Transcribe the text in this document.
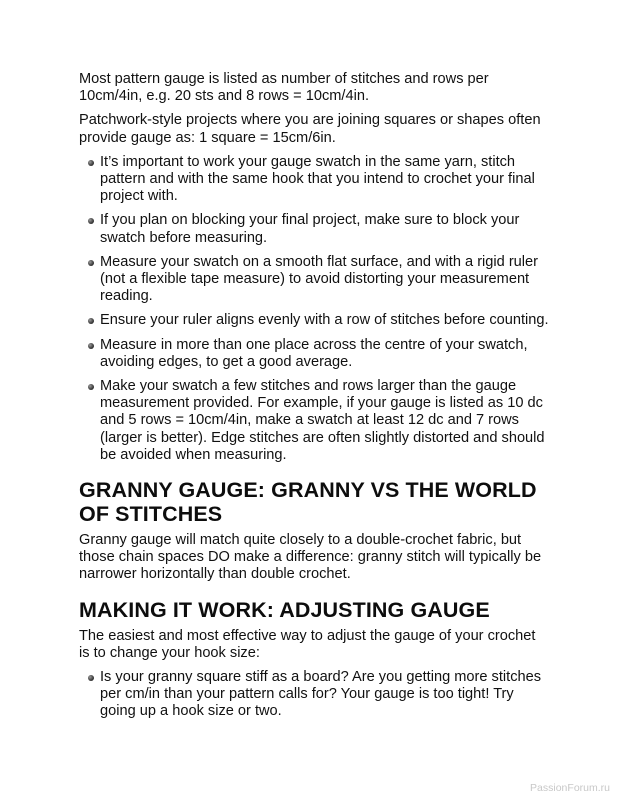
Most pattern gauge is listed as number of stitches and rows per 10cm/4in, e.g. 20 sts and 8 rows = 10cm/4in.

Patchwork-style projects where you are joining squares or shapes often provide gauge as: 1 square = 15cm/6in.

It’s important to work your gauge swatch in the same yarn, stitch pattern and with the same hook that you intend to crochet your final project with.
If you plan on blocking your final project, make sure to block your swatch before measuring.
Measure your swatch on a smooth flat surface, and with a rigid ruler (not a flexible tape measure) to avoid distorting your measurement reading.
Ensure your ruler aligns evenly with a row of stitches before counting.
Measure in more than one place across the centre of your swatch, avoiding edges, to get a good average.
Make your swatch a few stitches and rows larger than the gauge measurement provided. For example, if your gauge is listed as 10 dc and 5 rows = 10cm/4in, make a swatch at least 12 dc and 7 rows (larger is better). Edge stitches are often slightly distorted and should be avoided when measuring.
GRANNY GAUGE: GRANNY VS THE WORLD OF STITCHES

Granny gauge will match quite closely to a double-crochet fabric, but those chain spaces DO make a difference: granny stitch will typically be narrower horizontally than double crochet.

MAKING IT WORK: ADJUSTING GAUGE

The easiest and most effective way to adjust the gauge of your crochet is to change your hook size:

Is your granny square stiff as a board? Are you getting more stitches per cm/in than your pattern calls for? Your gauge is too tight! Try going up a hook size or two.
PassionForum.ru
